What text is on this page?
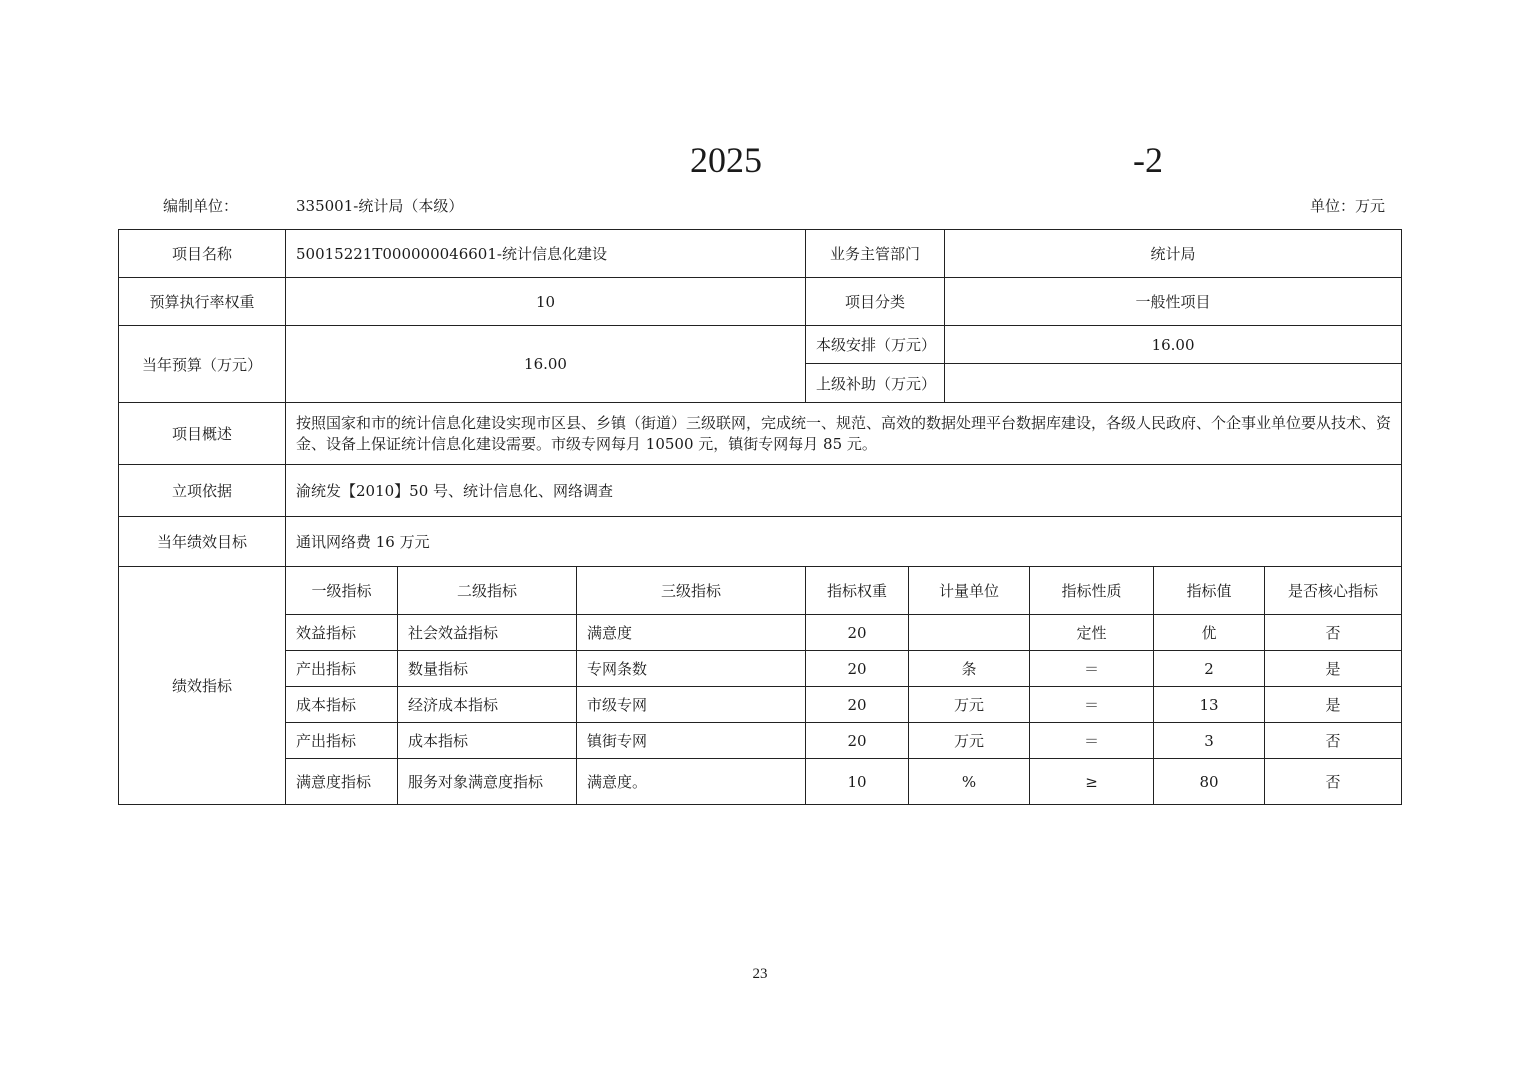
2025	-2
编制单位：	335001-统计局（本级）	单位：万元
项目名称	50015221T000000046601-统计信息化建设			业务主管部门		统计局			
预算执行率权重	10			项目分类		一般性项目			
当年预算（万元）	16.00			本级安排（万元）		16.00			
				上级补助（万元）					
项目概述	按照国家和市的统计信息化建设实现市区县、乡镇（街道）三级联网，完成统一、规范、高效的数据处理平台数据库建设，各级人民政府、个企事业单位要从技术、资金、设备上保证统计信息化建设需要。市级专网每月 10500 元，镇街专网每月 85 元。								
立项依据	渝统发【2010】50 号、统计信息化、网络调查								
当年绩效目标	通讯网络费 16 万元								
绩效指标	一级指标	二级指标	三级指标	指标权重	计量单位		指标性质	指标值	是否核心指标
	效益指标	社会效益指标	满意度	20			定性	优	否
	产出指标	数量指标	专网条数	20	条		＝	2	是
	成本指标	经济成本指标	市级专网	20	万元		＝	13	是
	产出指标	成本指标	镇街专网	20	万元		＝	3	否
	满意度指标	服务对象满意度指标	满意度。	10	%		≥	80	否
23
